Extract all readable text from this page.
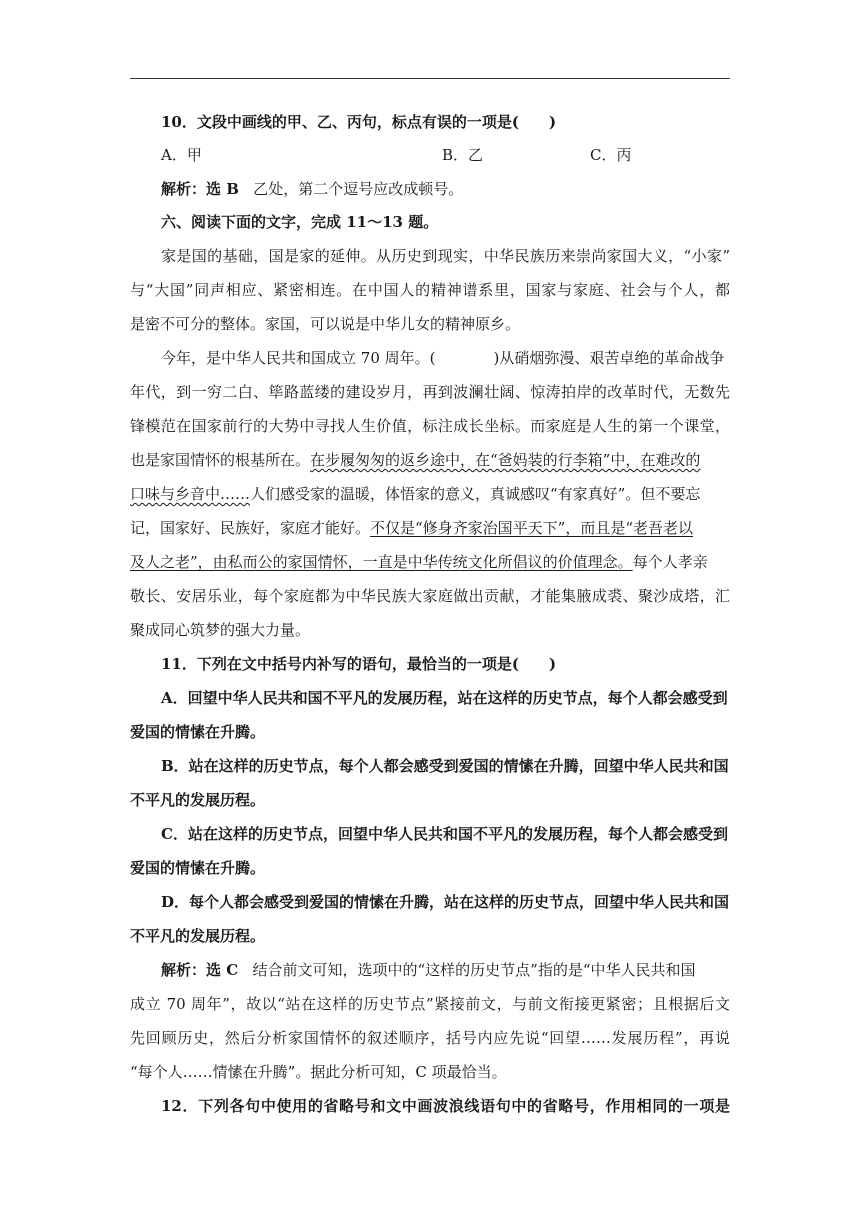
10．文段中画线的甲、乙、丙句，标点有误的一项是(　　)
A．甲	B．乙	C．丙
解析：选 B 乙处，第二个逗号应改成顿号。
六、阅读下面的文字，完成 11～13 题。
家是国的基础，国是家的延伸。从历史到现实，中华民族历来崇尚家国大义，“小家”
与“大国”同声相应、紧密相连。在中国人的精神谱系里，国家与家庭、社会与个人，都
是密不可分的整体。家国，可以说是中华儿女的精神原乡。
今年，是中华人民共和国成立 70 周年。(	)从硝烟弥漫、艰苦卓绝的革命战争
年代，到一穷二白、筚路蓝缕的建设岁月，再到波澜壮阔、惊涛拍岸的改革时代，无数先
锋模范在国家前行的大势中寻找人生价值，标注成长坐标。而家庭是人生的第一个课堂，
也是家国情怀的根基所在。在步履匆匆的返乡途中，在“爸妈装的行李箱”中，在难改的
口味与乡音中……人们感受家的温暖，体悟家的意义，真诚感叹“有家真好”。但不要忘
记，国家好、民族好，家庭才能好。不仅是“修身齐家治国平天下”，而且是“老吾老以
及人之老”，由私而公的家国情怀，一直是中华传统文化所倡议的价值理念。每个人孝亲
敬长、安居乐业，每个家庭都为中华民族大家庭做出贡献，才能集腋成裘、聚沙成塔，汇
聚成同心筑梦的强大力量。
11．下列在文中括号内补写的语句，最恰当的一项是(　　)
A．回望中华人民共和国不平凡的发展历程，站在这样的历史节点，每个人都会感受到
爱国的情愫在升腾。
B．站在这样的历史节点，每个人都会感受到爱国的情愫在升腾，回望中华人民共和国
不平凡的发展历程。
C．站在这样的历史节点，回望中华人民共和国不平凡的发展历程，每个人都会感受到
爱国的情愫在升腾。
D．每个人都会感受到爱国的情愫在升腾，站在这样的历史节点，回望中华人民共和国
不平凡的发展历程。
解析：选 C 结合前文可知，选项中的“这样的历史节点”指的是“中华人民共和国
成立 70 周年”，故以“站在这样的历史节点”紧接前文，与前文衔接更紧密；且根据后文
先回顾历史，然后分析家国情怀的叙述顺序，括号内应先说“回望……发展历程”，再说
“每个人……情愫在升腾”。据此分析可知，C 项最恰当。
12．下列各句中使用的省略号和文中画波浪线语句中的省略号，作用相同的一项是
